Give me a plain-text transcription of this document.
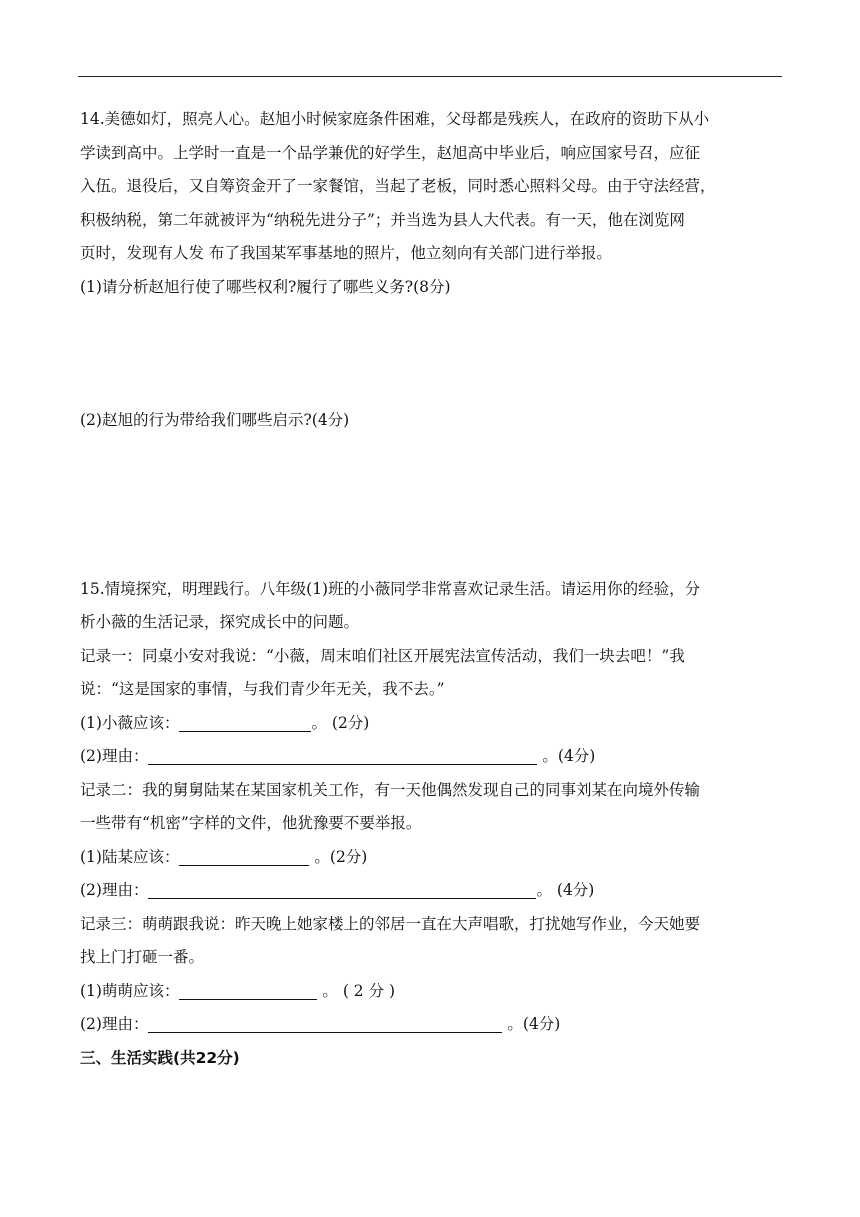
14.美德如灯，照亮人心。赵旭小时候家庭条件困难，父母都是残疾人，在政府的资助下从小

学读到高中。上学时一直是一个品学兼优的好学生，赵旭高中毕业后，响应国家号召，应征

入伍。退役后，又自筹资金开了一家餐馆，当起了老板，同时悉心照料父母。由于守法经营，

积极纳税，第二年就被评为“纳税先进分子”；并当选为县人大代表。有一天，他在浏览网

页时，发现有人发 布了我国某军事基地的照片，他立刻向有关部门进行举报。

(1)请分析赵旭行使了哪些权利?履行了哪些义务?(8分)

(2)赵旭的行为带给我们哪些启示?(4分)

15.情境探究，明理践行。八年级(1)班的小薇同学非常喜欢记录生活。请运用你的经验，分

析小薇的生活记录，探究成长中的问题。

记录一：同桌小安对我说：“小薇，周末咱们社区开展宪法宣传活动，我们一块去吧！”我

说：“这是国家的事情，与我们青少年无关，我不去。”

(1)小薇应该：	。 (2分)

(2)理由：	。(4分)

记录二：我的舅舅陆某在某国家机关工作，有一天他偶然发现自己的同事刘某在向境外传输

一些带有“机密”字样的文件，他犹豫要不要举报。

(1)陆某应该：	。(2分)

(2)理由：	。 (4分)

记录三：萌萌跟我说：昨天晚上她家楼上的邻居一直在大声唱歌，打扰她写作业，今天她要

找上门打砸一番。

(1)萌萌应该：	。 ( 2 分 )

(2)理由：	。(4分)

三、生活实践(共22分)
